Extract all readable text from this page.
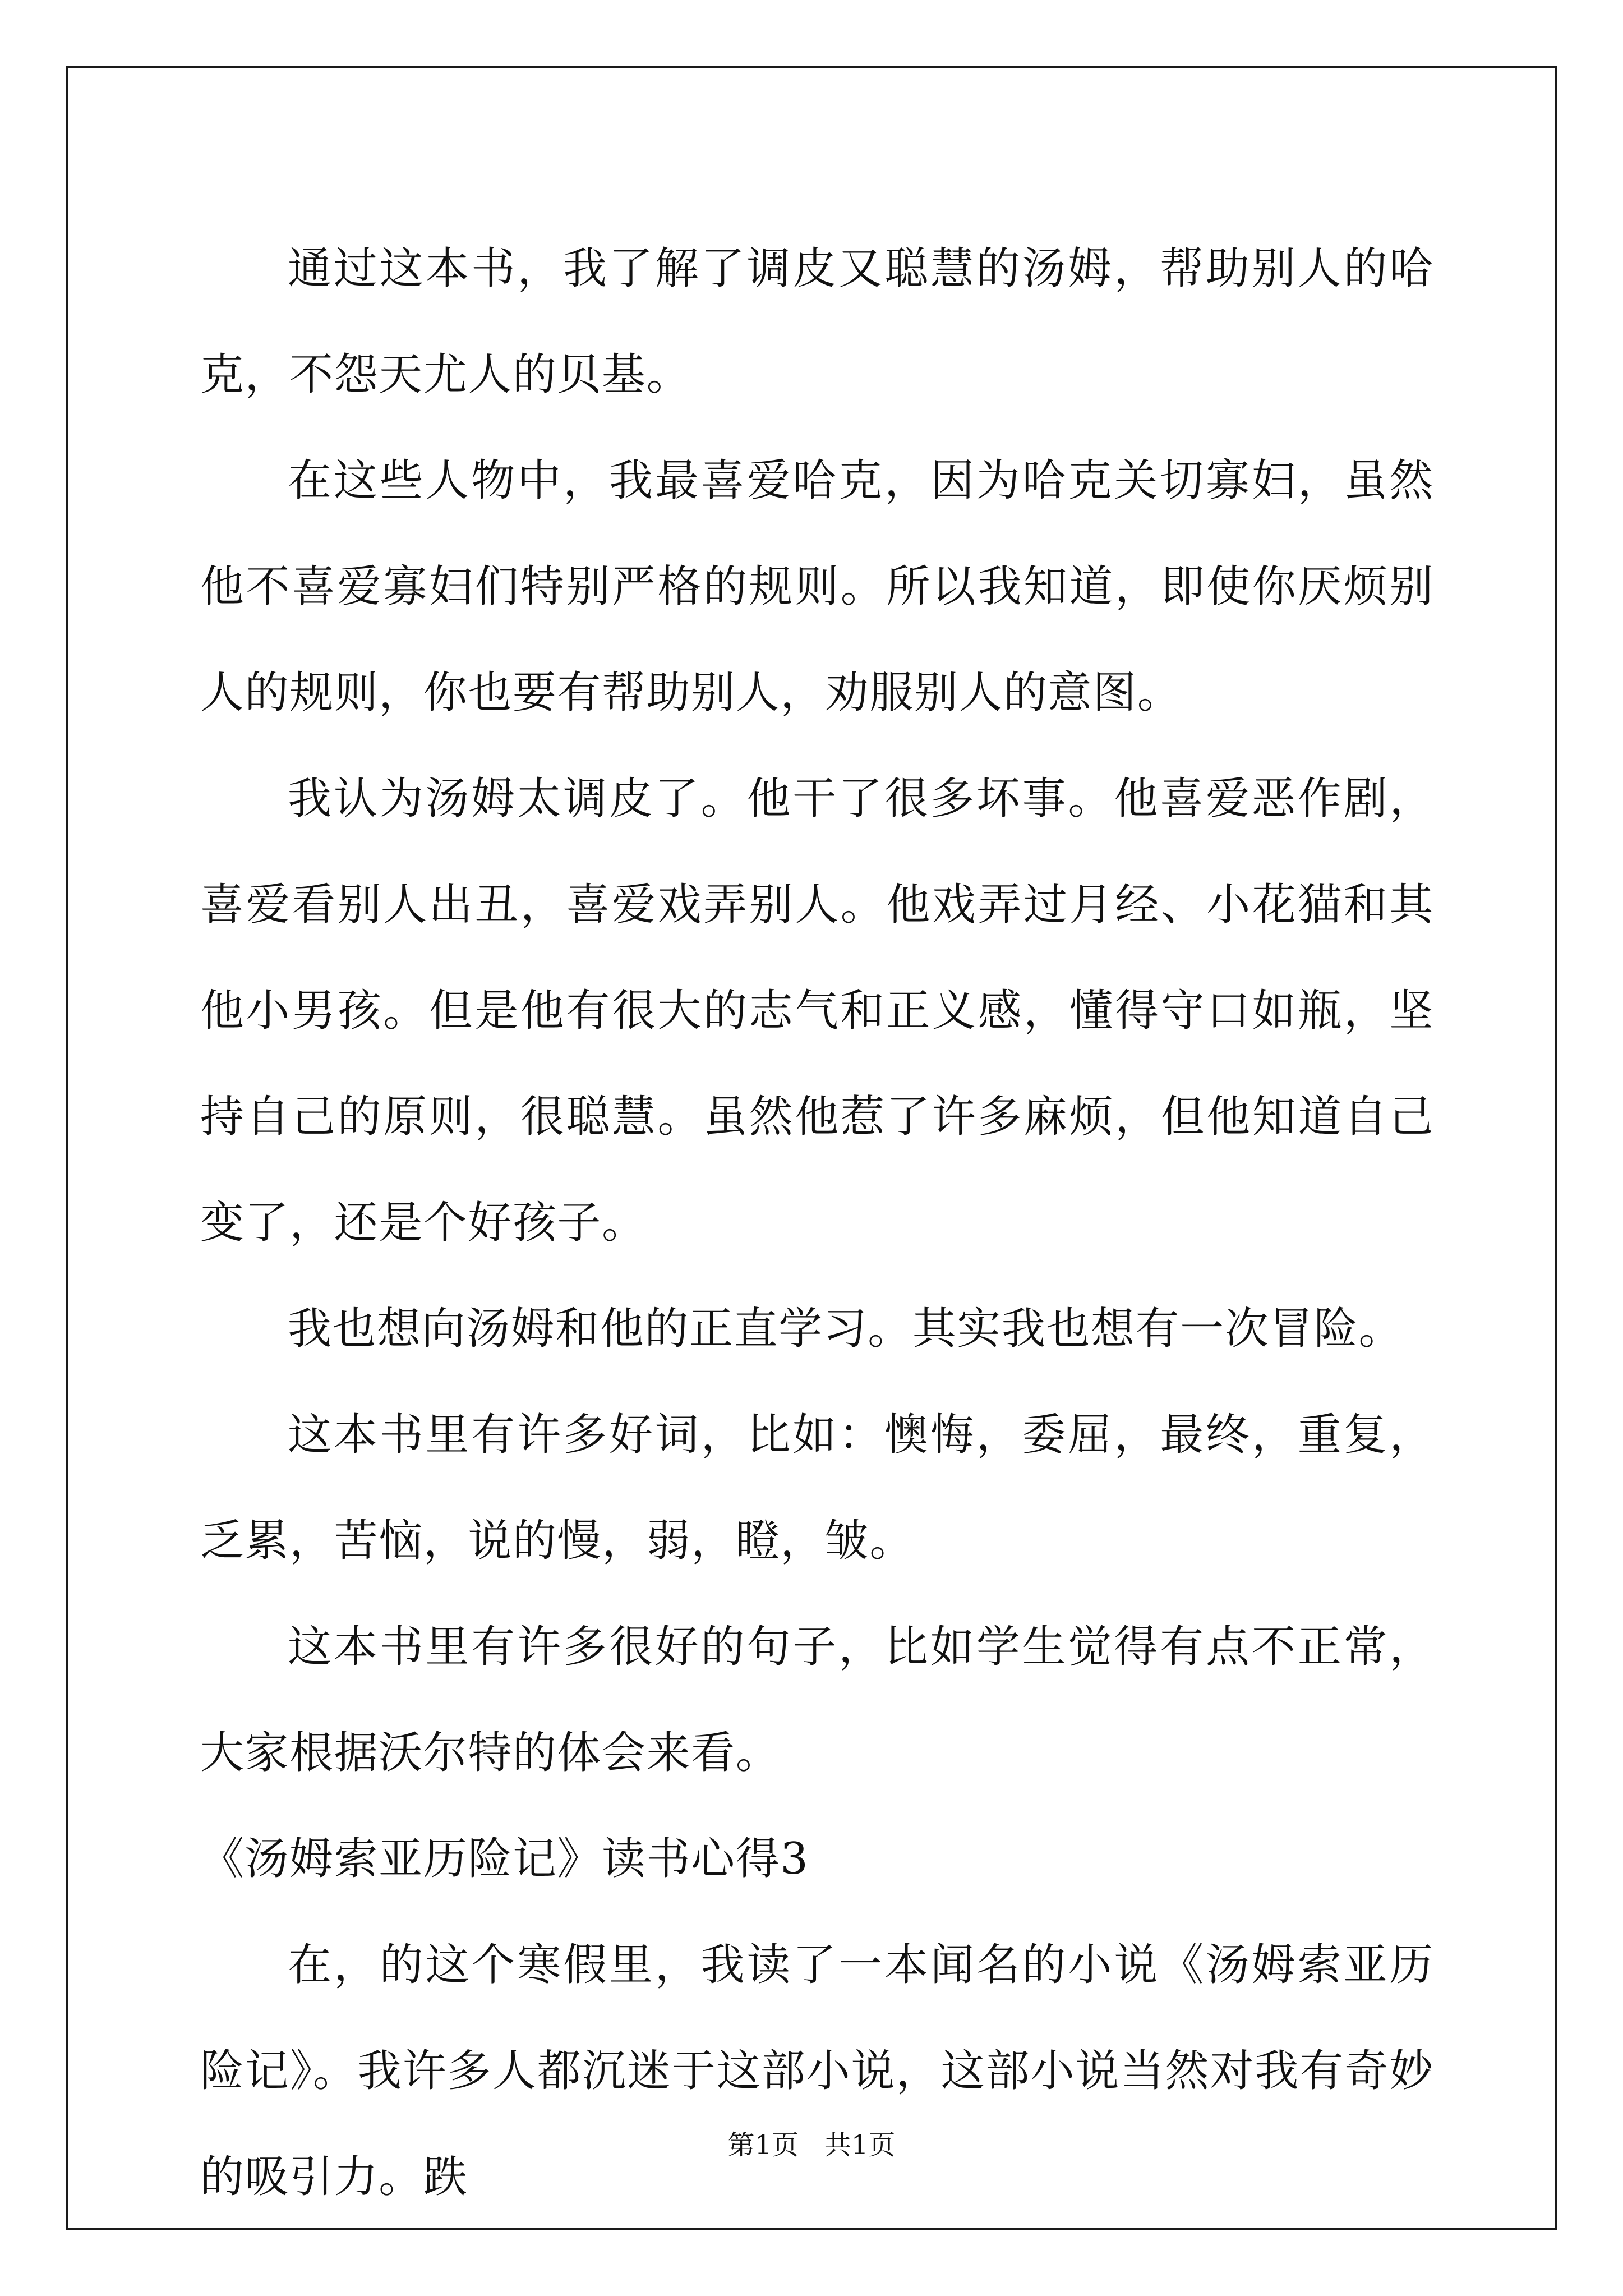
通过这本书，我了解了调皮又聪慧的汤姆，帮助别人的哈克，不怨天尤人的贝基。

在这些人物中，我最喜爱哈克，因为哈克关切寡妇，虽然他不喜爱寡妇们特别严格的规则。所以我知道，即使你厌烦别人的规则，你也要有帮助别人，劝服别人的意图。

我认为汤姆太调皮了。他干了很多坏事。他喜爱恶作剧，喜爱看别人出丑，喜爱戏弄别人。他戏弄过月经、小花猫和其他小男孩。但是他有很大的志气和正义感，懂得守口如瓶，坚持自己的原则，很聪慧。虽然他惹了许多麻烦，但他知道自己变了，还是个好孩子。

我也想向汤姆和他的正直学习。其实我也想有一次冒险。

这本书里有许多好词，比如：懊悔，委屈，最终，重复，乏累，苦恼，说的慢，弱，瞪，皱。

这本书里有许多很好的句子，比如学生觉得有点不正常，大家根据沃尔特的体会来看。

《汤姆索亚历险记》读书心得3

在，的这个寒假里，我读了一本闻名的小说《汤姆索亚历险记》。我许多人都沉迷于这部小说，这部小说当然对我有奇妙的吸引力。跌

第1页   共1页
